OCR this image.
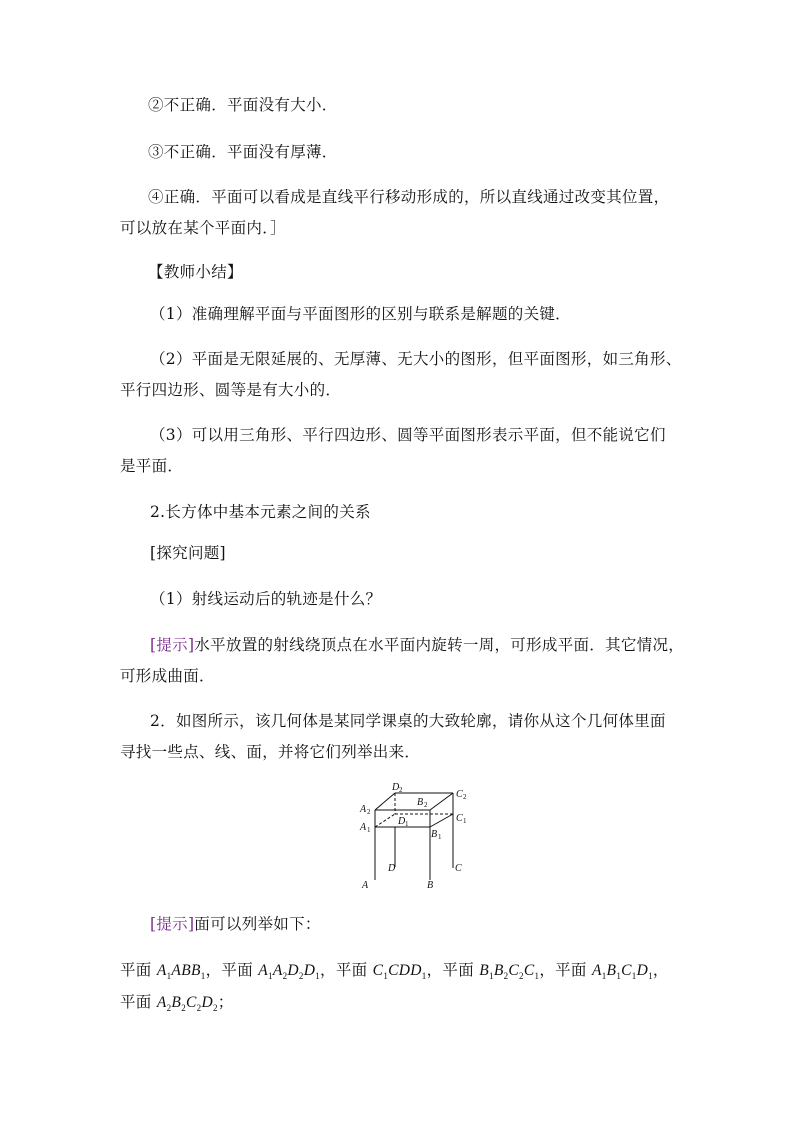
②不正确．平面没有大小．
③不正确．平面没有厚薄．
④正确．平面可以看成是直线平行移动形成的，所以直线通过改变其位置，
可以放在某个平面内．］
【教师小结】
（1）准确理解平面与平面图形的区别与联系是解题的关键．
（2）平面是无限延展的、无厚薄、无大小的图形，但平面图形，如三角形、
平行四边形、圆等是有大小的．
（3）可以用三角形、平行四边形、圆等平面图形表示平面，但不能说它们
是平面．
2.长方体中基本元素之间的关系
[探究问题]
（1）射线运动后的轨迹是什么？
[提示]水平放置的射线绕顶点在水平面内旋转一周，可形成平面．其它情况，
可形成曲面．
2．如图所示，该几何体是某同学课桌的大致轮廓，请你从这个几何体里面
寻找一些点、线、面，并将它们列举出来．
D 2	C 2
B 2
A 2
D 1	C 1
A 1	B 1
D	C
A	B
[提示]面可以列举如下：
平面 $A_1ABB_1$，平面 $A_1A_2D_2D_1$，平面 $C_1CDD_1$，平面 $B_1B_2C_2C_1$，平面 $A_1B_1C_1D_1$，
平面 $A_2B_2C_2D_2$；
